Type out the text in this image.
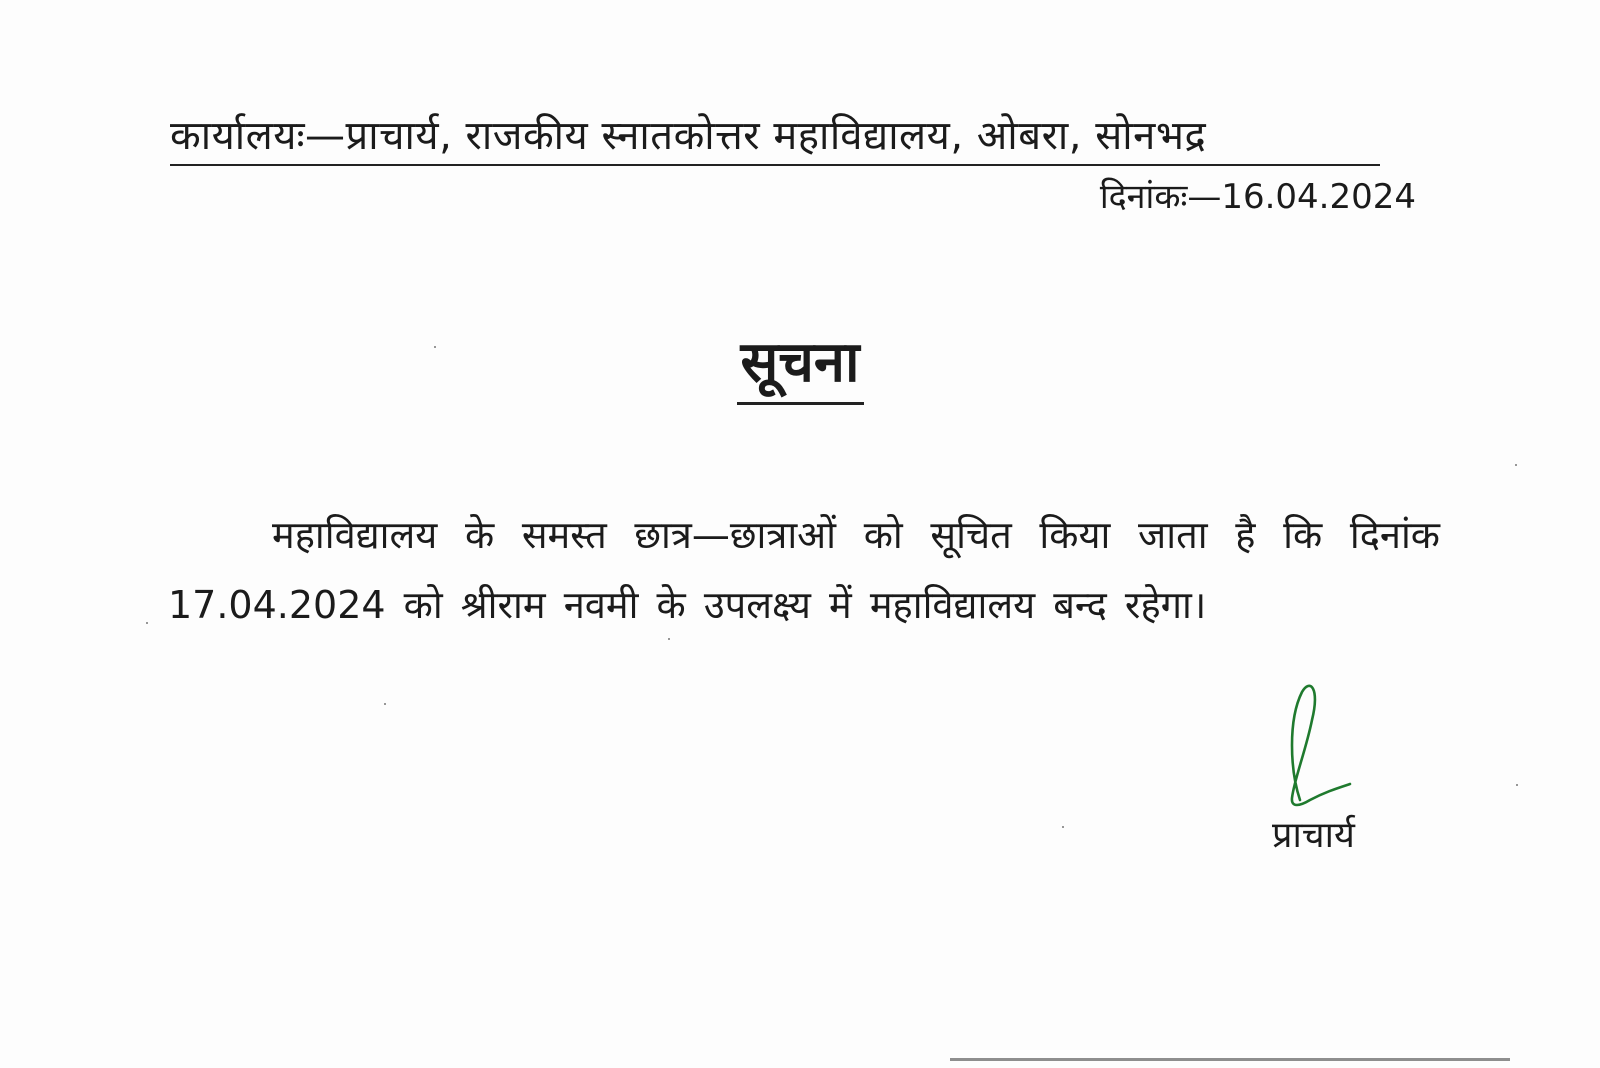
कार्यालयः—प्राचार्य, राजकीय स्नातकोत्तर महाविद्यालय, ओबरा, सोनभद्र
दिनांकः—16.04.2024
सूचना
महाविद्यालय के समस्त छात्र—छात्राओं को सूचित किया जाता है कि दिनांक 17.04.2024 को श्रीराम नवमी के उपलक्ष्य में महाविद्यालय बन्द रहेगा।
प्राचार्य
